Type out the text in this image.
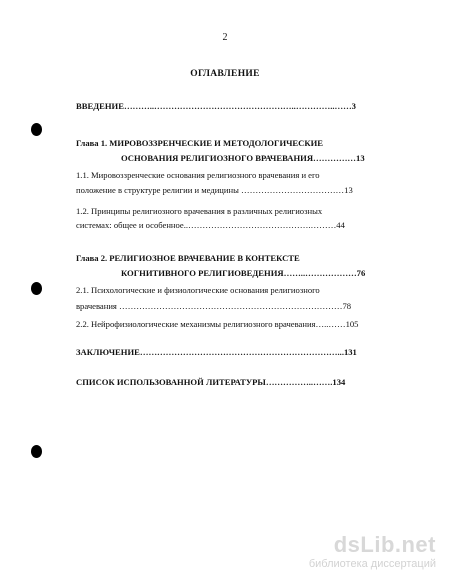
2
ОГЛАВЛЕНИЕ
ВВЕДЕНИЕ………..…………………………………………..…………..……3
Глава 1. МИРОВОЗЗРЕНЧЕСКИЕ И МЕТОДОЛОГИЧЕСКИЕ
ОСНОВАНИЯ РЕЛИГИОЗНОГО ВРАЧЕВАНИЯ……………13
1.1. Мировоззренческие основания религиозного врачевания и его
положение в структуре религии и медицины ………………………………13
1.2. Принципы религиозного врачевания в различных религиозных
системах: общее и особенное..…………………………………….………44
Глава 2. РЕЛИГИОЗНОЕ ВРАЧЕВАНИЕ В КОНТЕКСТЕ
КОГНИТИВНОГО РЕЛИГИОВЕДЕНИЯ……..………………76
2.1. Психологические и физиологические основания религиозного
врачевания ……………………………………………………………………78
2.2. Нейрофизиологические механизмы религиозного врачевания…..……105
ЗАКЛЮЧЕНИЕ……………………………………………………………...131
СПИСОК ИСПОЛЬЗОВАННОЙ ЛИТЕРАТУРЫ……………..…….134
dsLib.net
библиотека диссертаций
